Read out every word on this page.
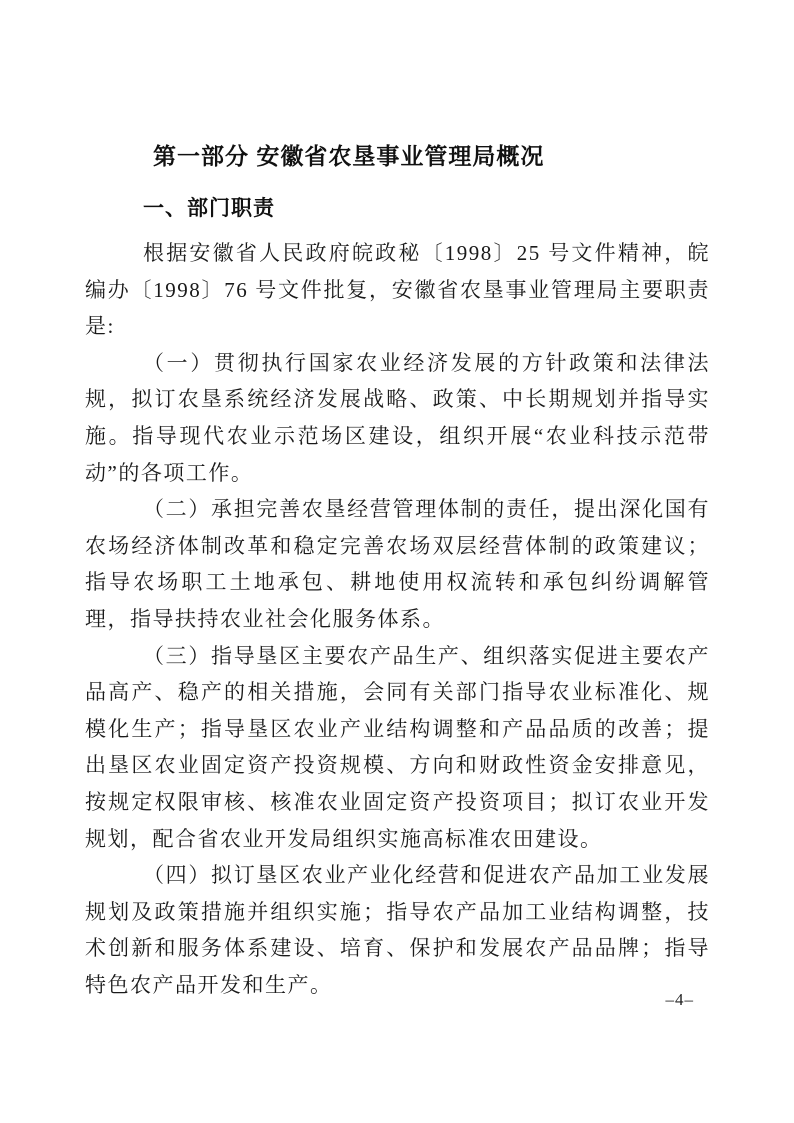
第一部分 安徽省农垦事业管理局概况
一、部门职责

根据安徽省人民政府皖政秘〔1998〕25 号文件精神，皖编办〔1998〕76 号文件批复，安徽省农垦事业管理局主要职责是:

（一）贯彻执行国家农业经济发展的方针政策和法律法规，拟订农垦系统经济发展战略、政策、中长期规划并指导实施。指导现代农业示范场区建设，组织开展“农业科技示范带动”的各项工作。

（二）承担完善农垦经营管理体制的责任，提出深化国有农场经济体制改革和稳定完善农场双层经营体制的政策建议；指导农场职工土地承包、耕地使用权流转和承包纠纷调解管理，指导扶持农业社会化服务体系。

（三）指导垦区主要农产品生产、组织落实促进主要农产品高产、稳产的相关措施，会同有关部门指导农业标准化、规模化生产；指导垦区农业产业结构调整和产品品质的改善；提出垦区农业固定资产投资规模、方向和财政性资金安排意见，按规定权限审核、核准农业固定资产投资项目；拟订农业开发规划，配合省农业开发局组织实施高标准农田建设。

（四）拟订垦区农业产业化经营和促进农产品加工业发展规划及政策措施并组织实施；指导农产品加工业结构调整，技术创新和服务体系建设、培育、保护和发展农产品品牌；指导特色农产品开发和生产。

–4–
